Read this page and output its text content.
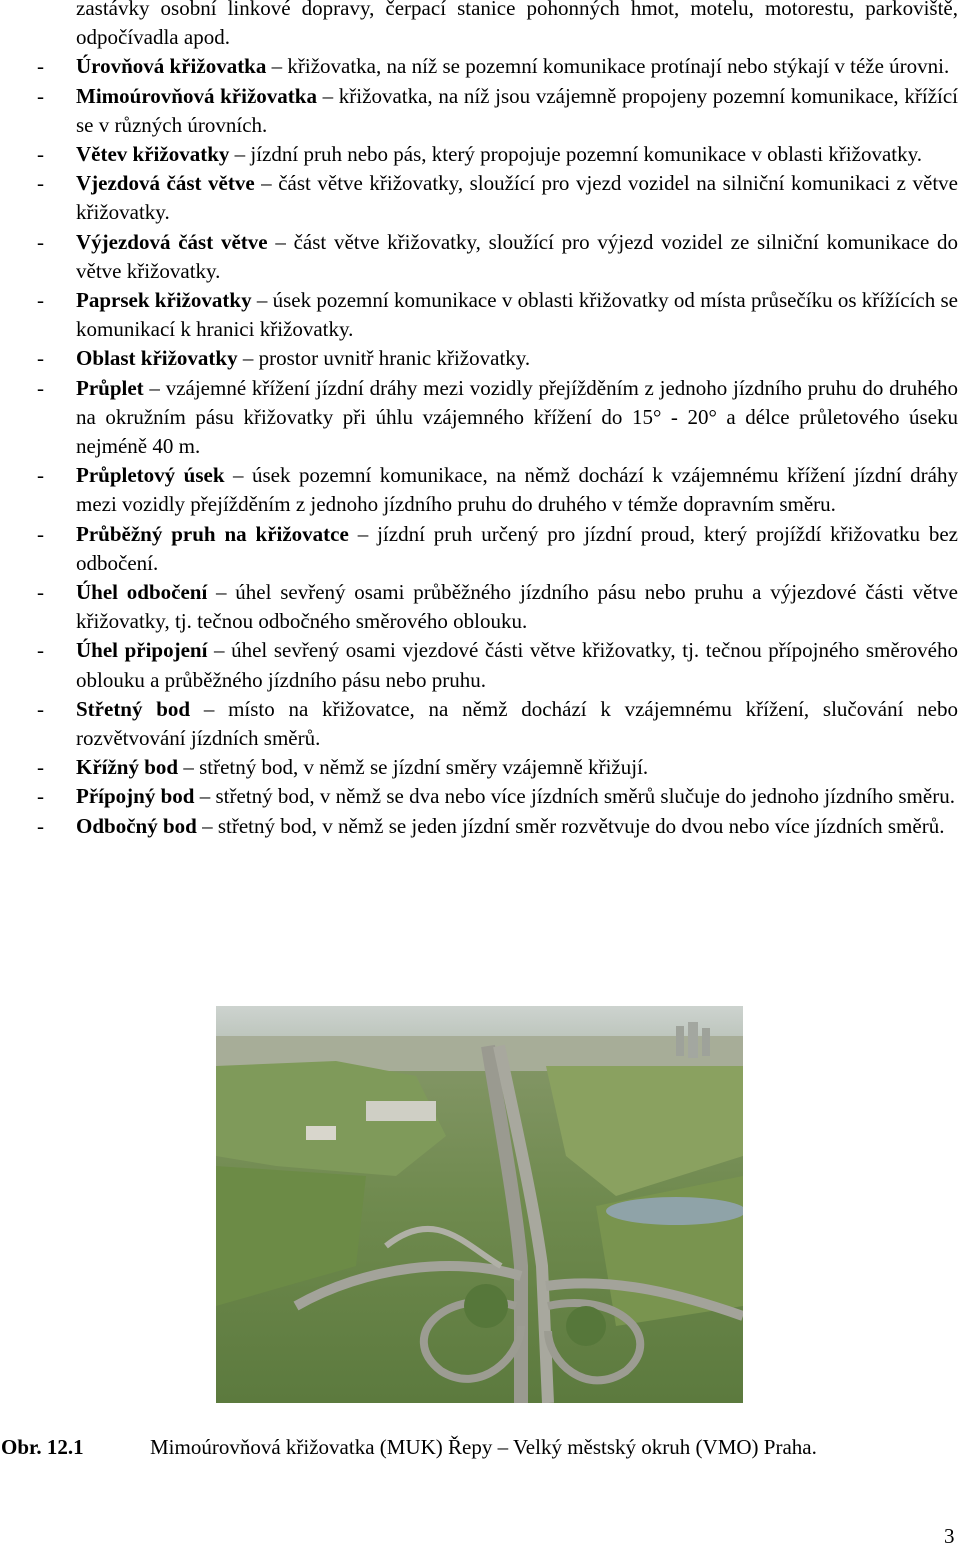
zastávky osobní linkové dopravy, čerpací stanice pohonných hmot, motelu, motorestu, parkoviště, odpočívadla apod.

- Úrovňová křižovatka – křižovatka, na níž se pozemní komunikace protínají nebo stýkají v téže úrovni.

- Mimoúrovňová křižovatka – křižovatka, na níž jsou vzájemně propojeny pozemní komunikace, křížící se v různých úrovních.

- Větev křižovatky – jízdní pruh nebo pás, který propojuje pozemní komunikace v oblasti křižovatky.

- Vjezdová část větve – část větve křižovatky, sloužící pro vjezd vozidel na silniční komunikaci z větve křižovatky.

- Výjezdová část větve – část větve křižovatky, sloužící pro výjezd vozidel ze silniční komunikace do větve křižovatky.

- Paprsek křižovatky – úsek pozemní komunikace v oblasti křižovatky od místa průsečíku os křížících se komunikací k hranici křižovatky.

- Oblast křižovatky – prostor uvnitř hranic křižovatky.

- Průplet – vzájemné křížení jízdní dráhy mezi vozidly přejížděním z jednoho jízdního pruhu do druhého na okružním pásu křižovatky při úhlu vzájemného křížení do 15° - 20° a délce průletového úseku nejméně 40 m.

- Průpletový úsek – úsek pozemní komunikace, na němž dochází k vzájemnému křížení jízdní dráhy mezi vozidly přejížděním z jednoho jízdního pruhu do druhého v témže dopravním směru.

- Průběžný pruh na křižovatce – jízdní pruh určený pro jízdní proud, který projíždí křižovatku bez odbočení.

- Úhel odbočení – úhel sevřený osami průběžného jízdního pásu nebo pruhu a výjezdové části větve křižovatky, tj. tečnou odbočného směrového oblouku.

- Úhel připojení – úhel sevřený osami vjezdové části větve křižovatky, tj. tečnou přípojného směrového oblouku a průběžného jízdního pásu nebo pruhu.

- Střetný bod – místo na křižovatce, na němž dochází k vzájemnému křížení, slučování nebo rozvětvování jízdních směrů.

- Křížný bod – střetný bod, v němž se jízdní směry vzájemně křižují.

- Přípojný bod – střetný bod, v němž se dva nebo více jízdních směrů slučuje do jednoho jízdního směru.

- Odbočný bod – střetný bod, v němž se jeden jízdní směr rozvětvuje do dvou nebo více jízdních směrů.

Obr. 12.1	Mimoúrovňová křižovatka (MUK) Řepy – Velký městský okruh (VMO) Praha.
3
